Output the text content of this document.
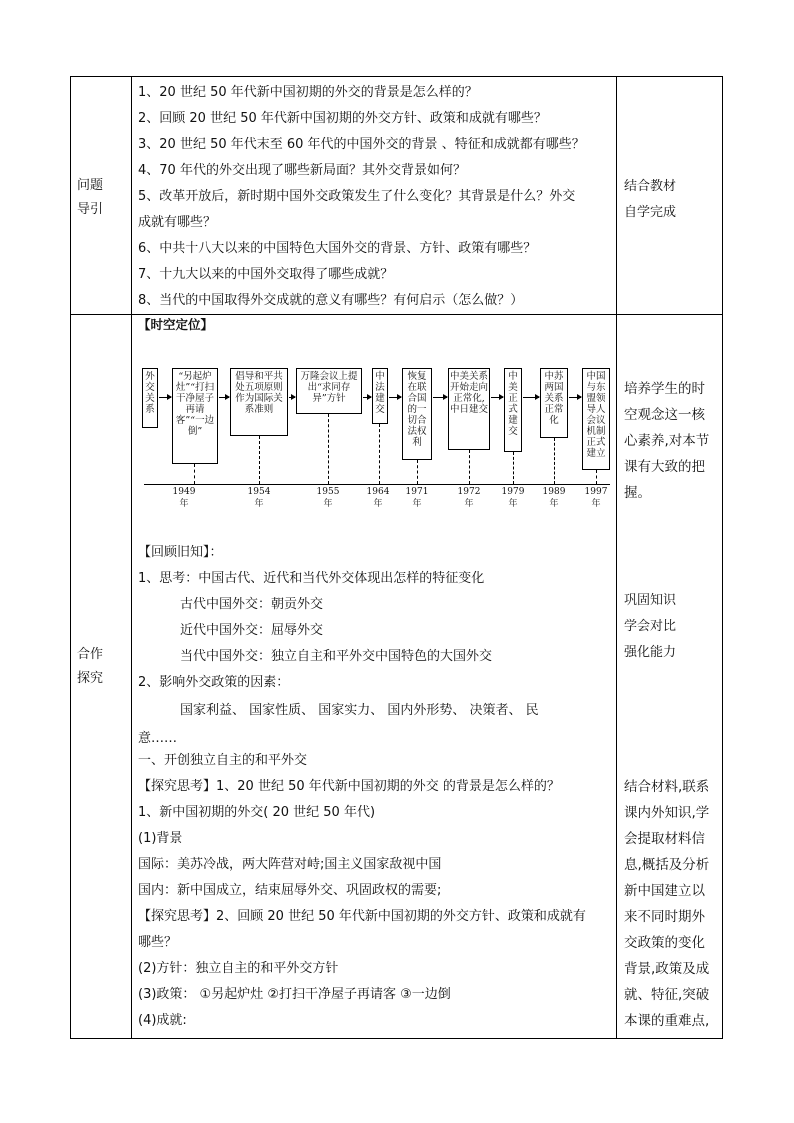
问题
导引
1、20 世纪 50 年代新中国初期的外交的背景是怎么样的？
2、回顾 20 世纪 50 年代新中国初期的外交方针、政策和成就有哪些？
3、20 世纪 50 年代末至 60 年代的中国外交的背景 、特征和成就都有哪些？
4、70 年代的外交出现了哪些新局面？其外交背景如何？
5、改革开放后，新时期中国外交政策发生了什么变化？其背景是什么？外交
成就有哪些？
6、中共十八大以来的中国特色大国外交的背景、方针、政策有哪些？
7、十九大以来的中国外交取得了哪些成就？
8、当代的中国取得外交成就的意义有哪些？有何启示（怎么做？）
结合教材
自学完成
合作
探究
【时空定位】
外交关系
“另起炉灶”“打扫干净屋子再请客”“一边倒”
倡导和平共处五项原则作为国际关系准则
万隆会议上提出“求同存异”方针
中法建交
恢复在联合国的一切合法权利
中美关系开始走向正常化,中日建交
中美正式建交
中苏两国关系正常化
中国与东盟领导人会议机制正式建立
1949
年
1954
年
1955
年
1964
年
1971
年
1972
年
1979
年
1989
年
1997
年
培养学生的时
空观念这一核
心素养,对本节
课有大致的把
握。
【回顾旧知】：
1、思考：中国古代、近代和当代外交体现出怎样的特征变化
古代中国外交：朝贡外交
近代中国外交：屈辱外交
当代中国外交：独立自主和平外交中国特色的大国外交
2、影响外交政策的因素：
国家利益、 国家性质、 国家实力、 国内外形势、 决策者、 民
意……
巩固知识
学会对比
强化能力
一、开创独立自主的和平外交
【探究思考】1、20 世纪 50 年代新中国初期的外交 的背景是怎么样的？
1、新中国初期的外交( 20 世纪 50 年代)
(1)背景
国际：美苏冷战，两大阵营对峙;国主义国家敌视中国
国内：新中国成立，结束屈辱外交、巩固政权的需要;
【探究思考】2、回顾 20 世纪 50 年代新中国初期的外交方针、政策和成就有
哪些？
(2)方针：独立自主的和平外交方针
(3)政策： ①另起炉灶 ②打扫干净屋子再请客 ③一边倒
(4)成就:
结合材料,联系
课内外知识,学
会提取材料信
息,概括及分析
新中国建立以
来不同时期外
交政策的变化
背景,政策及成
就、特征,突破
本课的重难点,
